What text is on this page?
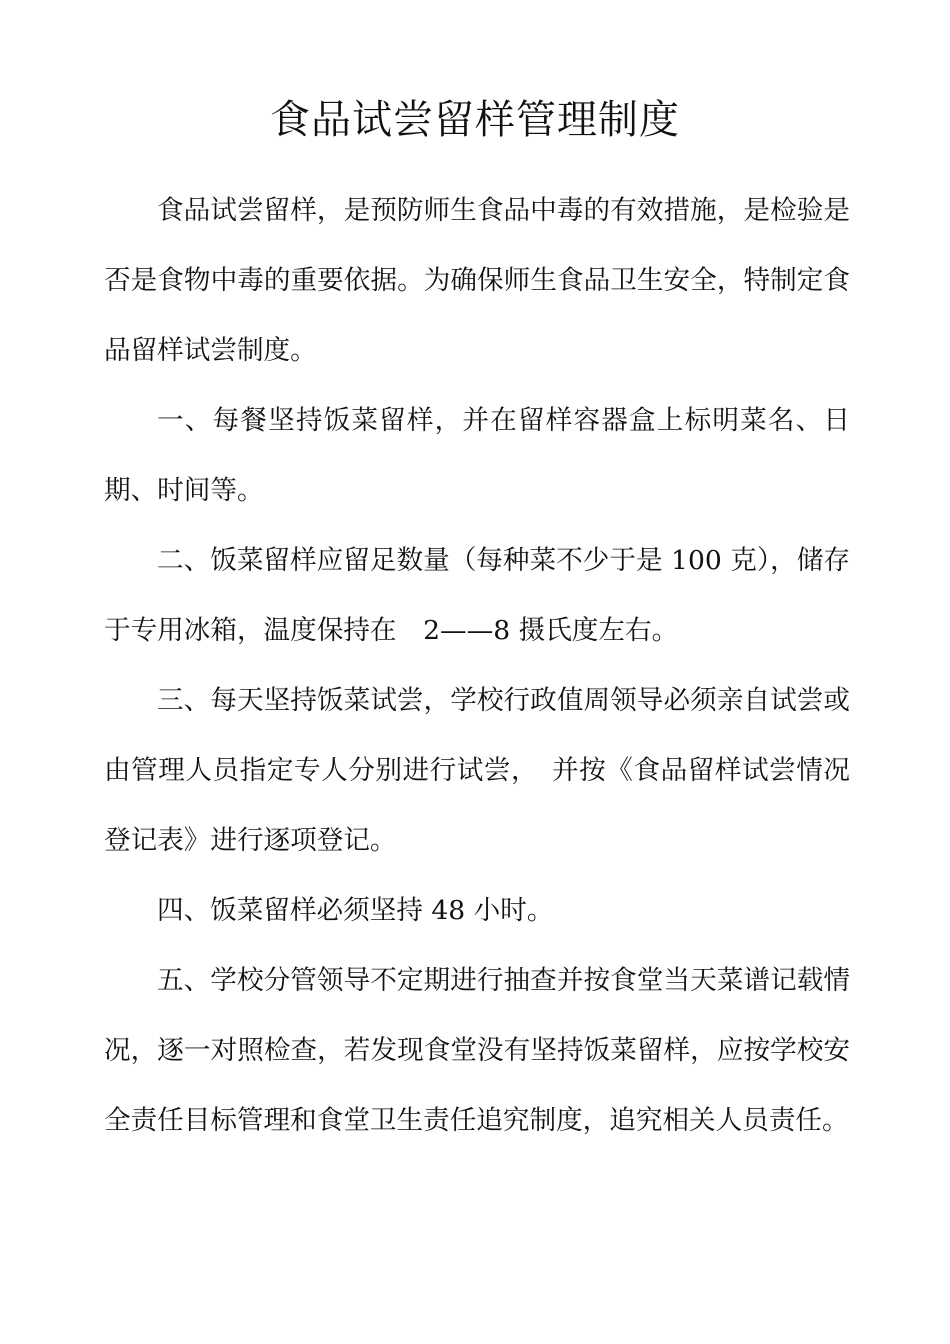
食品试尝留样管理制度

食品试尝留样，是预防师生食品中毒的有效措施，是检验是否是食物中毒的重要依据。为确保师生食品卫生安全，特制定食品留样试尝制度。

一、每餐坚持饭菜留样，并在留样容器盒上标明菜名、日期、时间等。

二、饭菜留样应留足数量（每种菜不少于是 100 克），储存于专用冰箱，温度保持在　2——8 摄氏度左右。

三、每天坚持饭菜试尝，学校行政值周领导必须亲自试尝或由管理人员指定专人分别进行试尝，　并按《食品留样试尝情况登记表》进行逐项登记。

四、饭菜留样必须坚持 48 小时。

五、学校分管领导不定期进行抽查并按食堂当天菜谱记载情况，逐一对照检查，若发现食堂没有坚持饭菜留样，应按学校安全责任目标管理和食堂卫生责任追究制度，追究相关人员责任。
